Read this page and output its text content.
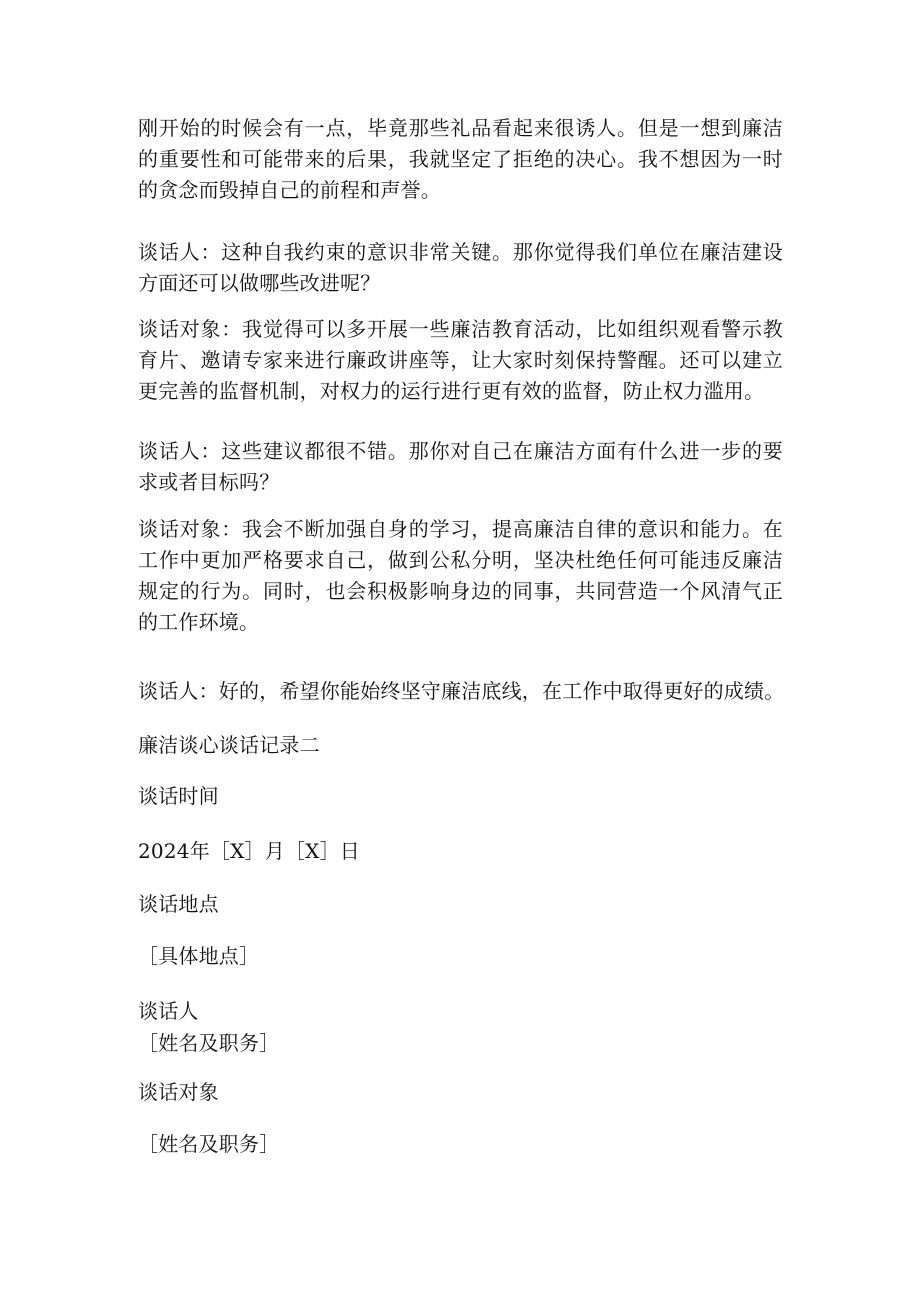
刚开始的时候会有一点，毕竟那些礼品看起来很诱人。但是一想到廉洁的重要性和可能带来的后果，我就坚定了拒绝的决心。我不想因为一时的贪念而毁掉自己的前程和声誉。

谈话人：这种自我约束的意识非常关键。那你觉得我们单位在廉洁建设方面还可以做哪些改进呢？

谈话对象：我觉得可以多开展一些廉洁教育活动，比如组织观看警示教育片、邀请专家来进行廉政讲座等，让大家时刻保持警醒。还可以建立更完善的监督机制，对权力的运行进行更有效的监督，防止权力滥用。

谈话人：这些建议都很不错。那你对自己在廉洁方面有什么进一步的要求或者目标吗？

谈话对象：我会不断加强自身的学习，提高廉洁自律的意识和能力。在工作中更加严格要求自己，做到公私分明，坚决杜绝任何可能违反廉洁规定的行为。同时，也会积极影响身边的同事，共同营造一个风清气正的工作环境。

谈话人：好的，希望你能始终坚守廉洁底线，在工作中取得更好的成绩。

廉洁谈心谈话记录二

谈话时间

2024年［X］月［X］日

谈话地点

［具体地点］

谈话人

［姓名及职务］

谈话对象

［姓名及职务］
